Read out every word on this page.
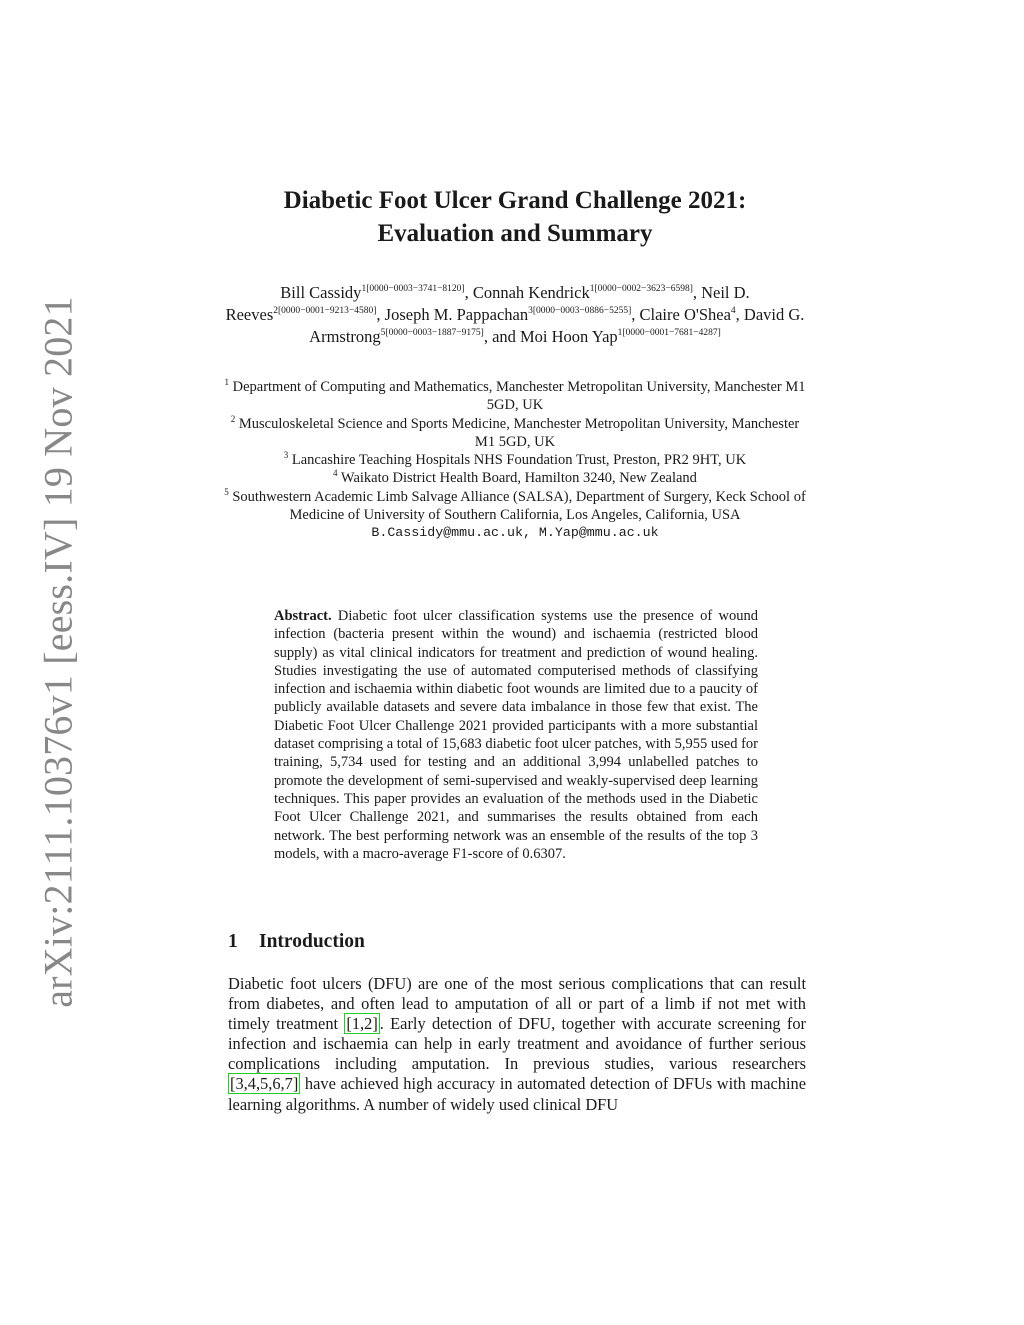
arXiv:2111.10376v1 [eess.IV] 19 Nov 2021
Diabetic Foot Ulcer Grand Challenge 2021:
Evaluation and Summary
Bill Cassidy$^{1[0000-0003-3741-8120]}$, Connah Kendrick$^{1[0000-0002-3623-6598]}$, Neil D. Reeves$^{2[0000-0001-9213-4580]}$, Joseph M. Pappachan$^{3[0000-0003-0886-5255]}$, Claire O'Shea$^4$, David G. Armstrong$^{5[0000-0003-1887-9175]}$, and Moi Hoon Yap$^{1[0000-0001-7681-4287]}$
$^1$ Department of Computing and Mathematics, Manchester Metropolitan University, Manchester M1 5GD, UK
$^2$ Musculoskeletal Science and Sports Medicine, Manchester Metropolitan University, Manchester M1 5GD, UK
$^3$ Lancashire Teaching Hospitals NHS Foundation Trust, Preston, PR2 9HT, UK
$^4$ Waikato District Health Board, Hamilton 3240, New Zealand
$^5$ Southwestern Academic Limb Salvage Alliance (SALSA), Department of Surgery, Keck School of Medicine of University of Southern California, Los Angeles, California, USA
B.Cassidy@mmu.ac.uk, M.Yap@mmu.ac.uk
Abstract. Diabetic foot ulcer classification systems use the presence of wound infection (bacteria present within the wound) and ischaemia (restricted blood supply) as vital clinical indicators for treatment and prediction of wound healing. Studies investigating the use of automated computerised methods of classifying infection and ischaemia within diabetic foot wounds are limited due to a paucity of publicly available datasets and severe data imbalance in those few that exist. The Diabetic Foot Ulcer Challenge 2021 provided participants with a more substantial dataset comprising a total of 15,683 diabetic foot ulcer patches, with 5,955 used for training, 5,734 used for testing and an additional 3,994 unlabelled patches to promote the development of semi-supervised and weakly-supervised deep learning techniques. This paper provides an evaluation of the methods used in the Diabetic Foot Ulcer Challenge 2021, and summarises the results obtained from each network. The best performing network was an ensemble of the results of the top 3 models, with a macro-average F1-score of 0.6307.
1 Introduction
Diabetic foot ulcers (DFU) are one of the most serious complications that can result from diabetes, and often lead to amputation of all or part of a limb if not met with timely treatment [1,2] . Early detection of DFU, together with accurate screening for infection and ischaemia can help in early treatment and avoidance of further serious complications including amputation. In previous studies, various researchers [3,4,5,6,7] have achieved high accuracy in automated detection of DFUs with machine learning algorithms. A number of widely used clinical DFU
